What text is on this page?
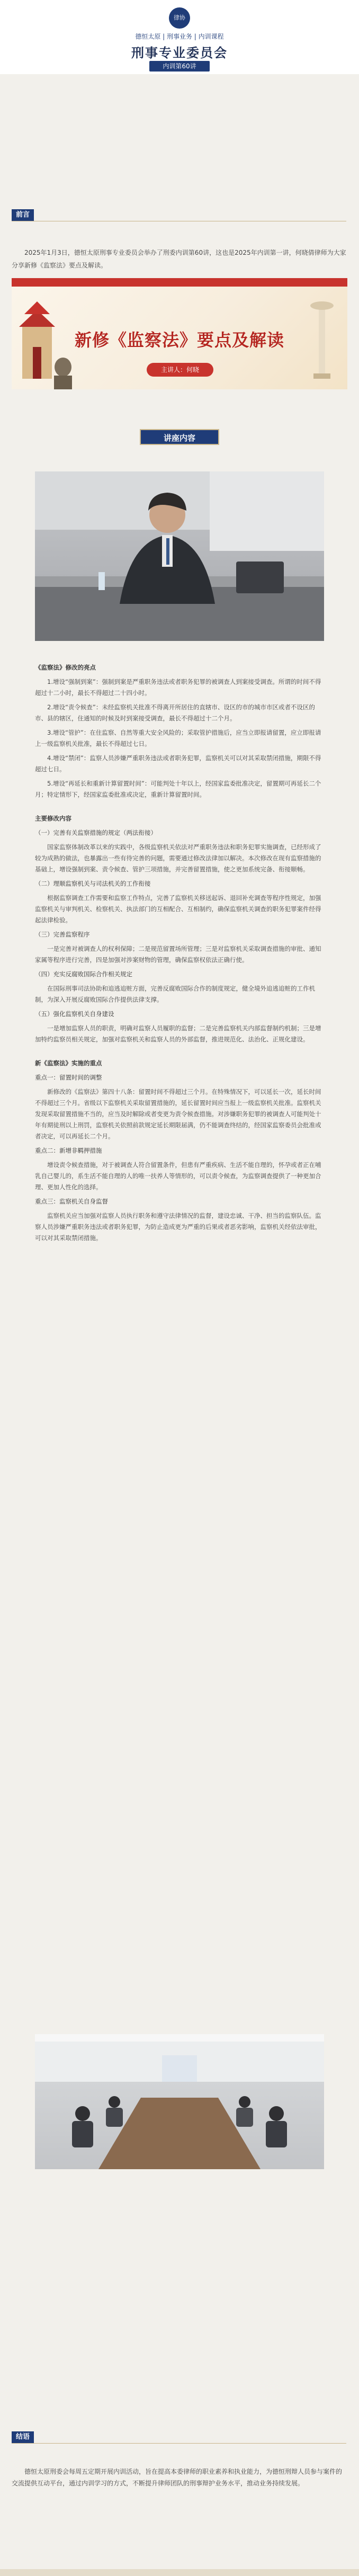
律协
德恒太原 | 刑事业务 | 内训课程
刑事专业委员会
内训第60讲
前言

2025年1月3日，德恒太原刑事专业委员会举办了刑委内训第60讲，这也是2025年内训第一讲，何晓倩律师为大家分享新修《监察法》要点及解读。

新修《监察法》要点及解读
主讲人：何晓
讲座内容

《监察法》修改的亮点

1.增设“强制到案”：强制到案是严重职务违法或者职务犯罪的被调查人到案接受调查。所谓的时间不得超过十二小时，最长不得超过二十四小时。

2.增设“责令候查”：未经监察机关批准不得离开所居住的直辖市、设区的市的城市市区或者不设区的市、县的辖区，住通知的时候及时到案接受调查，最长不得超过十二个月。

3.增设“管护”：在住监察、自然等重大安全风险的；采取管护措施后，应当立即报请留置，应立即报请上一级监察机关批准，最长不得超过七日。

4.增设“禁闭”：监察人员涉嫌严重职务违法或者职务犯罪，监察机关可以对其采取禁闭措施，期限不得超过七日。

5.增设“再延长和重新计算留置时间”：可能判处十年以上，经国家监委批准决定，留置期可再延长二个月；特定情形下，经国家监委批准或决定，重新计算留置时间。

主要修改内容

（一）完善有关监察措施的规定（两法衔接）

国家监察体制改革以来的实践中，各级监察机关依法对严重职务违法和职务犯罪实施调查，已经形成了较为成熟的做法，也暴露出一些有待完善的问题，需要通过修改法律加以解决。本次修改在现有监察措施的基础上，增设强制到案、责令候查、管护三项措施，并完善留置措施，使之更加系统完备、衔接顺畅。

（二）理顺监察机关与司法机关的工作衔接

根据监察调查工作需要和监察工作特点，完善了监察机关移送起诉、退回补充调查等程序性规定，加强监察机关与审判机关、检察机关、执法部门的互相配合、互相制约，确保监察机关调查的职务犯罪案件经得起法律检验。

（三）完善监察程序

一是完善对被调查人的权利保障；二是规范留置场所管理；三是对监察机关采取调查措施的审批、通知家属等程序进行完善，四是加强对涉案财物的管理，确保监察权依法正确行使。

（四）充实反腐败国际合作相关规定

在国际刑事司法协助和追逃追赃方面，完善反腐败国际合作的制度规定，健全境外追逃追赃的工作机制，为深入开展反腐败国际合作提供法律支撑。

（五）强化监察机关自身建设

一是增加监察人员的职责，明确对监察人员履职的监督；二是完善监察机关内部监督制约机制；三是增加特约监察员相关规定，加强对监察机关和监察人员的外部监督，推进规范化、法治化、正规化建设。

新《监察法》实施的重点

重点一：留置时间的调整

新修改的《监察法》第四十八条：留置时间不得超过三个月。在特殊情况下，可以延长一次，延长时间不得超过三个月。省级以下监察机关采取留置措施的，延长留置时间应当报上一级监察机关批准。监察机关发现采取留置措施不当的，应当及时解除或者变更为责令候查措施。对涉嫌职务犯罪的被调查人可能判处十年有期徒刑以上刑罚，监察机关依照前款规定延长期限届满，仍不能调查终结的，经国家监察委员会批准或者决定，可以再延长二个月。

重点二：新增非羁押措施

增设责令候查措施，对于被调查人符合留置条件，但患有严重疾病、生活不能自理的，怀孕或者正在哺乳自己婴儿的，系生活不能自理的人的唯一扶养人等情形的，可以责令候查，为监察调查提供了一种更加合理、更加人性化的选择。

重点三：监察机关自身监督

监察机关应当加强对监察人员执行职务和遵守法律情况的监督，建设忠诚、干净、担当的监察队伍。监察人员涉嫌严重职务违法或者职务犯罪，为防止造成更为严重的后果或者恶劣影响，监察机关经依法审批，可以对其采取禁闭措施。

结语

德恒太原刑委会每周五定期开展内训活动，旨在提高本委律师的职业素养和执业能力，为德恒刑辩人员参与案件的交流提供互动平台，通过内训学习的方式，不断提升律师团队的刑事辩护业务水平，推动业务持续发展。
